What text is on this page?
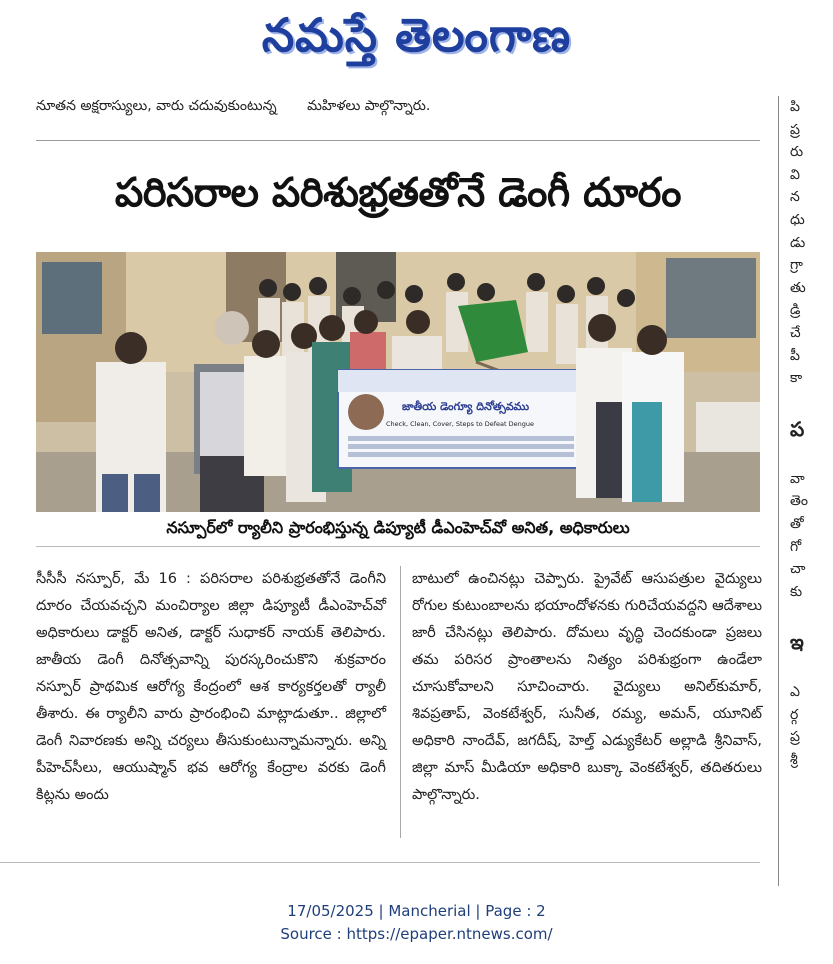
నమస్తే తెలంగాణ
నూతన అక్షరాస్యులు, వారు చదువుకుంటున్న మహిళలు పాల్గొన్నారు.
పరిసరాల పరిశుభ్రతతోనే డెంగీ దూరం
జాతీయ డెంగ్యూ దినోత్సవము
Check, Clean, Cover, Steps to Defeat Dengue
నస్పూర్‌లో ర్యాలీని ప్రారంభిస్తున్న డిప్యూటీ డీఎంహెచ్‌వో అనిత, అధికారులు

సీసీసీ నస్పూర్, మే 16 : పరిసరాల పరిశుభ్రతతోనే డెంగీని దూరం చేయవచ్చని మంచిర్యాల జిల్లా డిప్యూటీ డీఎంహెచ్‌వో అధికారులు డాక్టర్ అనిత, డాక్టర్ సుధాకర్ నాయక్ తెలిపారు. జాతీయ డెంగీ దినోత్సవాన్ని పురస్కరించుకొని శుక్రవారం నస్పూర్ ప్రాథమిక ఆరోగ్య కేంద్రంలో ఆశ కార్యకర్తలతో ర్యాలీ తీశారు. ఈ ర్యాలీని వారు ప్రారంభించి మాట్లాడుతూ.. జిల్లాలో డెంగీ నివారణకు అన్ని చర్యలు తీసుకుంటున్నామన్నారు. అన్ని పీహెచ్‌సీలు, ఆయుష్మాన్ భవ ఆరోగ్య కేంద్రాల వరకు డెంగీ కిట్లను అందు

బాటులో ఉంచినట్లు చెప్పారు. ప్రైవేట్ ఆసుపత్రుల వైద్యులు రోగుల కుటుంబాలను భయాందోళనకు గురిచేయవద్దని ఆదేశాలు జారీ చేసినట్లు తెలిపారు. దోమలు వృద్ధి చెందకుండా ప్రజలు తమ పరిసర ప్రాంతాలను నిత్యం పరిశుభ్రంగా ఉండేలా చూసుకోవాలని సూచించారు. వైద్యులు అనిల్‌కుమార్, శివప్రతాప్, వెంకటేశ్వర్, సునీత, రమ్య, అమన్, యూనిట్ అధికారి నాందేవ్, జగదీష్, హెల్త్ ఎడ్యుకేటర్ అల్లాడి శ్రీనివాస్, జిల్లా మాస్ మీడియా అధికారి బుక్కా వెంకటేశ్వర్, తదితరులు పాల్గొన్నారు.

పి
ప్ర
రు
వి
న
ధు
డు
గ్రా
తు
డ్రి
చే
పీ
కా
ప
వా
తెం
తో
గో
చా
కు
ఇ
ఎ
ర్గ
ప్ర
శ్రీ
17/05/2025 | Mancherial | Page : 2
Source : https://epaper.ntnews.com/
